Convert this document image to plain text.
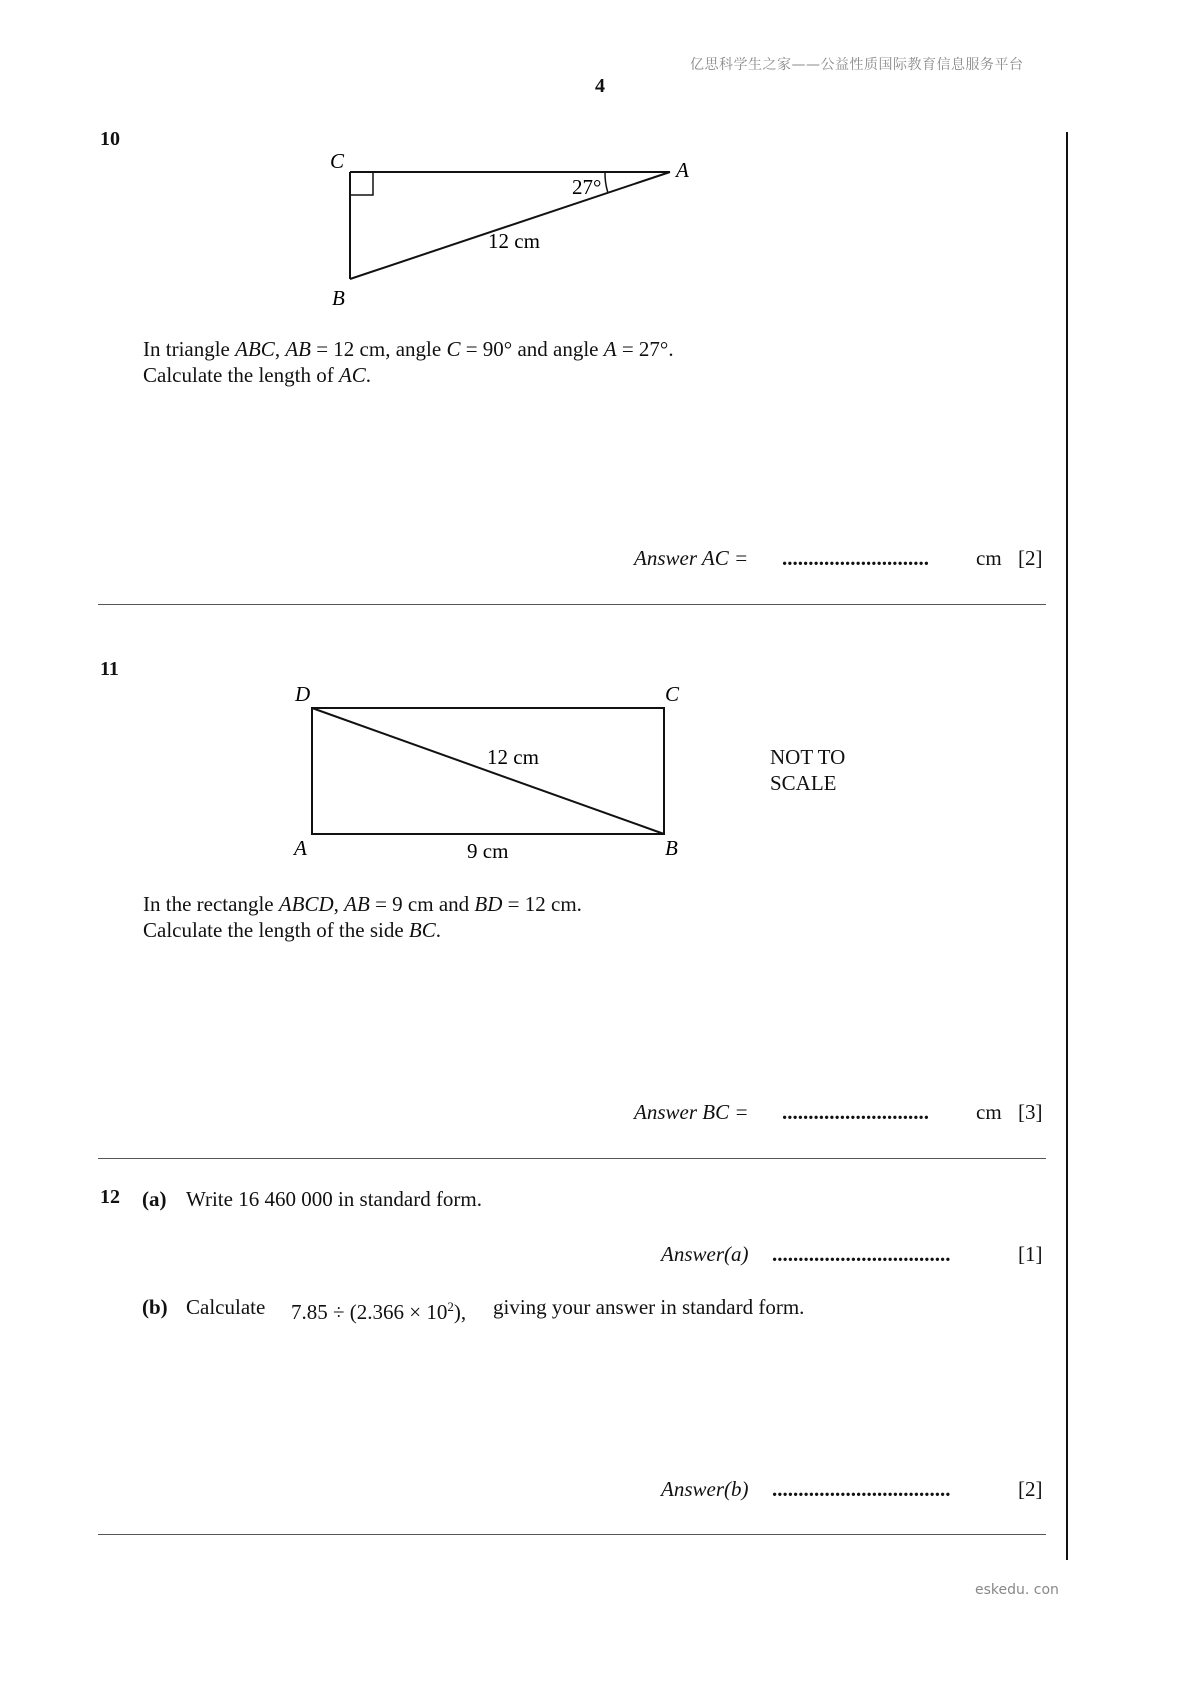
亿思科学生之家——公益性质国际教育信息服务平台
4
10
C	A
B
27°
12 cm
In triangle ABC, AB = 12 cm, angle C = 90° and angle A = 27°.
Calculate the length of AC.
Answer AC = ............................ cm [2]
11
D	C
A	B
12 cm
9 cm
NOT TO
SCALE
In the rectangle ABCD, AB = 9 cm and BD = 12 cm.
Calculate the length of the side BC.
Answer BC = ............................ cm [3]
12 (a) Write 16 460 000 in standard form.
Answer(a) ..................................	[1]
(b) Calculate $7.85 \div (2.366 \times 10^2)$, giving your answer in standard form.
Answer(b) ..................................	[2]
eskedu. con
